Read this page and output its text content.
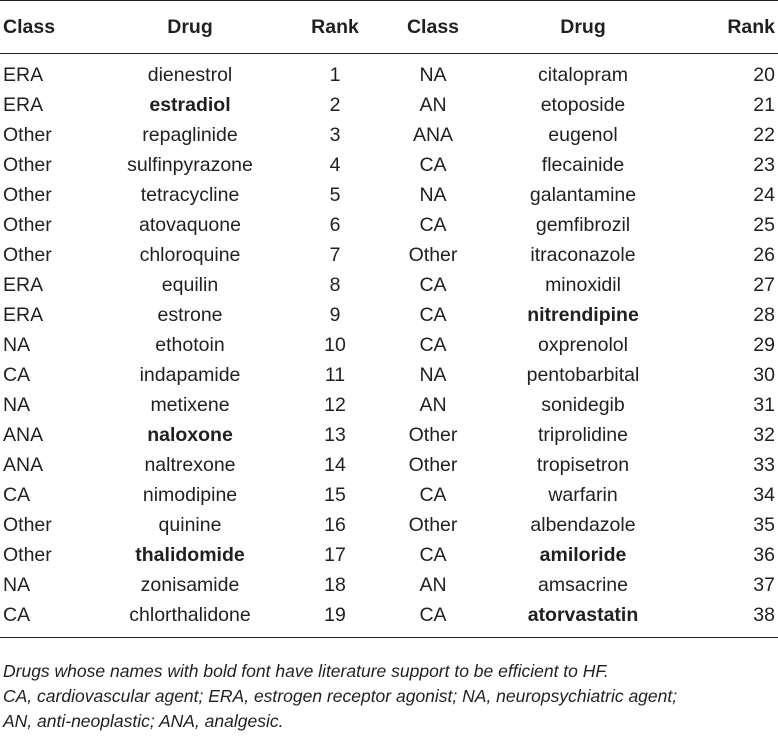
Class	Drug	Rank	Class	Drug	Rank
ERA	dienestrol	1	NA	citalopram	20
ERA	estradiol	2	AN	etoposide	21
Other	repaglinide	3	ANA	eugenol	22
Other	sulfinpyrazone	4	CA	flecainide	23
Other	tetracycline	5	NA	galantamine	24
Other	atovaquone	6	CA	gemfibrozil	25
Other	chloroquine	7	Other	itraconazole	26
ERA	equilin	8	CA	minoxidil	27
ERA	estrone	9	CA	nitrendipine	28
NA	ethotoin	10	CA	oxprenolol	29
CA	indapamide	11	NA	pentobarbital	30
NA	metixene	12	AN	sonidegib	31
ANA	naloxone	13	Other	triprolidine	32
ANA	naltrexone	14	Other	tropisetron	33
CA	nimodipine	15	CA	warfarin	34
Other	quinine	16	Other	albendazole	35
Other	thalidomide	17	CA	amiloride	36
NA	zonisamide	18	AN	amsacrine	37
CA	chlorthalidone	19	CA	atorvastatin	38
Drugs whose names with bold font have literature support to be efficient to HF.
CA, cardiovascular agent; ERA, estrogen receptor agonist; NA, neuropsychiatric agent;
AN, anti-neoplastic; ANA, analgesic.
